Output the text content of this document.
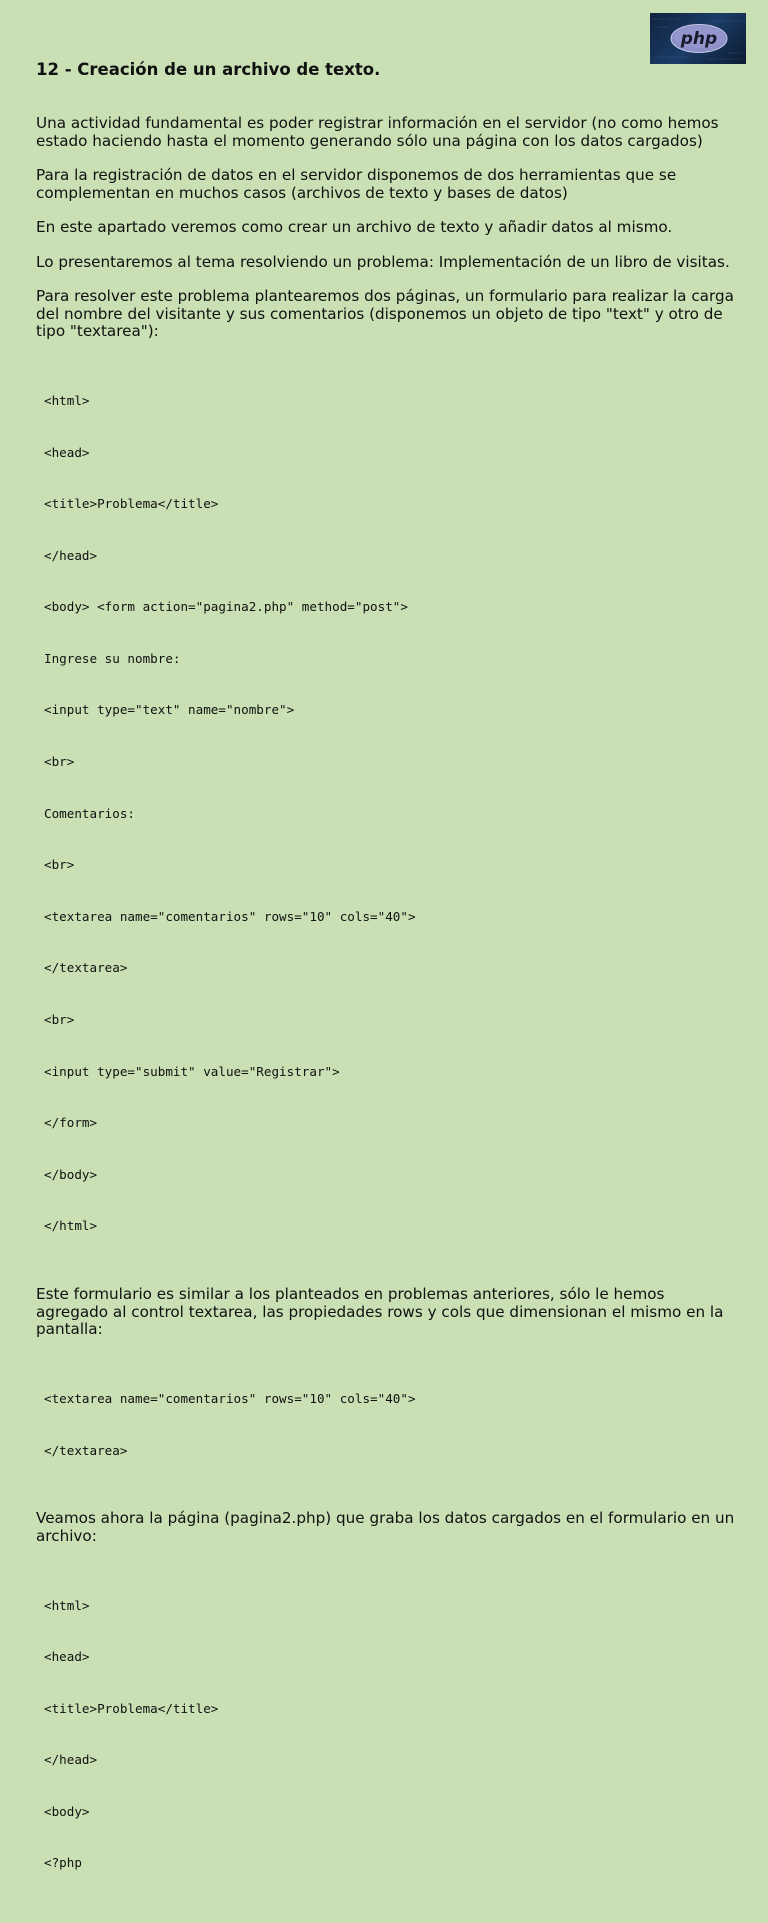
php
12 - Creación de un archivo de texto.

Una actividad fundamental es poder registrar información en el servidor (no como hemos estado haciendo hasta el momento generando sólo una página con los datos cargados)

Para la registración de datos en el servidor disponemos de dos herramientas que se complementan en muchos casos (archivos de texto y bases de datos)

En este apartado veremos como crear un archivo de texto y añadir datos al mismo.

Lo presentaremos al tema resolviendo un problema: Implementación de un libro de visitas.

Para resolver este problema plantearemos dos páginas, un formulario para realizar la carga del nombre del visitante y sus comentarios (disponemos un objeto de tipo "text" y otro de tipo "textarea"):

<html>

<head>

<title>Problema</title>

</head>

<body> <form action="pagina2.php" method="post">

Ingrese su nombre:

<input type="text" name="nombre">

<br>

Comentarios:

<br>

<textarea name="comentarios" rows="10" cols="40">

</textarea>

<br>

<input type="submit" value="Registrar">

</form>

</body>

</html>

Este formulario es similar a los planteados en problemas anteriores, sólo le hemos agregado al control textarea, las propiedades rows y cols que dimensionan el mismo en la pantalla:

<textarea name="comentarios" rows="10" cols="40">

</textarea>

Veamos ahora la página (pagina2.php) que graba los datos cargados en el formulario en un archivo:

<html>

<head>

<title>Problema</title>

</head>

<body>

<?php
